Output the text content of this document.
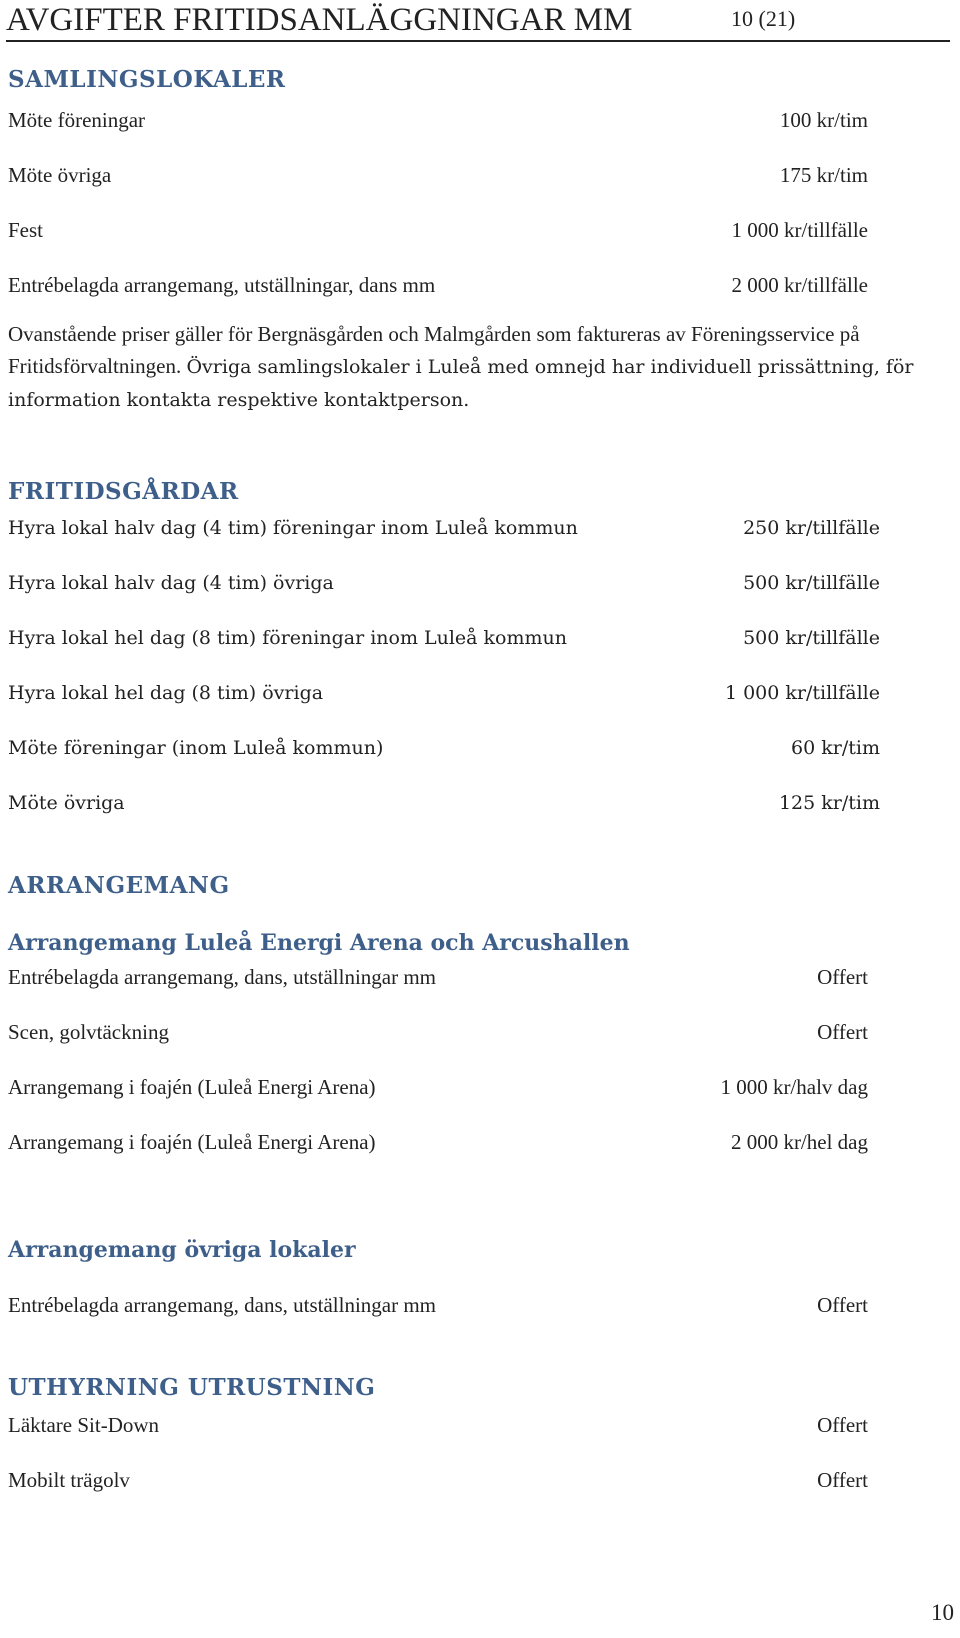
AVGIFTER FRITIDSANLÄGGNINGAR MM	10 (21)
SAMLINGSLOKALER
Möte föreningar	100 kr/tim
Möte övriga	175 kr/tim
Fest	1 000 kr/tillfälle
Entrébelagda arrangemang, utställningar, dans mm	2 000 kr/tillfälle
Ovanstående priser gäller för Bergnäsgården och Malmgården som faktureras av Föreningsservice på Fritidsförvaltningen. Övriga samlingslokaler i Luleå med omnejd har individuell prissättning, för information kontakta respektive kontaktperson.
FRITIDSGÅRDAR
Hyra lokal halv dag (4 tim) föreningar inom Luleå kommun	250 kr/tillfälle
Hyra lokal halv dag (4 tim) övriga	500 kr/tillfälle
Hyra lokal hel dag (8 tim) föreningar inom Luleå kommun	500 kr/tillfälle
Hyra lokal hel dag (8 tim) övriga	1 000 kr/tillfälle
Möte föreningar (inom Luleå kommun)	60 kr/tim
Möte övriga	125 kr/tim
ARRANGEMANG
Arrangemang Luleå Energi Arena och Arcushallen
Entrébelagda arrangemang, dans, utställningar mm	Offert
Scen, golvtäckning	Offert
Arrangemang i foajén (Luleå Energi Arena)	1 000 kr/halv dag
Arrangemang i foajén (Luleå Energi Arena)	2 000 kr/hel dag
Arrangemang övriga lokaler
Entrébelagda arrangemang, dans, utställningar mm	Offert
UTHYRNING UTRUSTNING
Läktare Sit-Down	Offert
Mobilt trägolv	Offert
10
